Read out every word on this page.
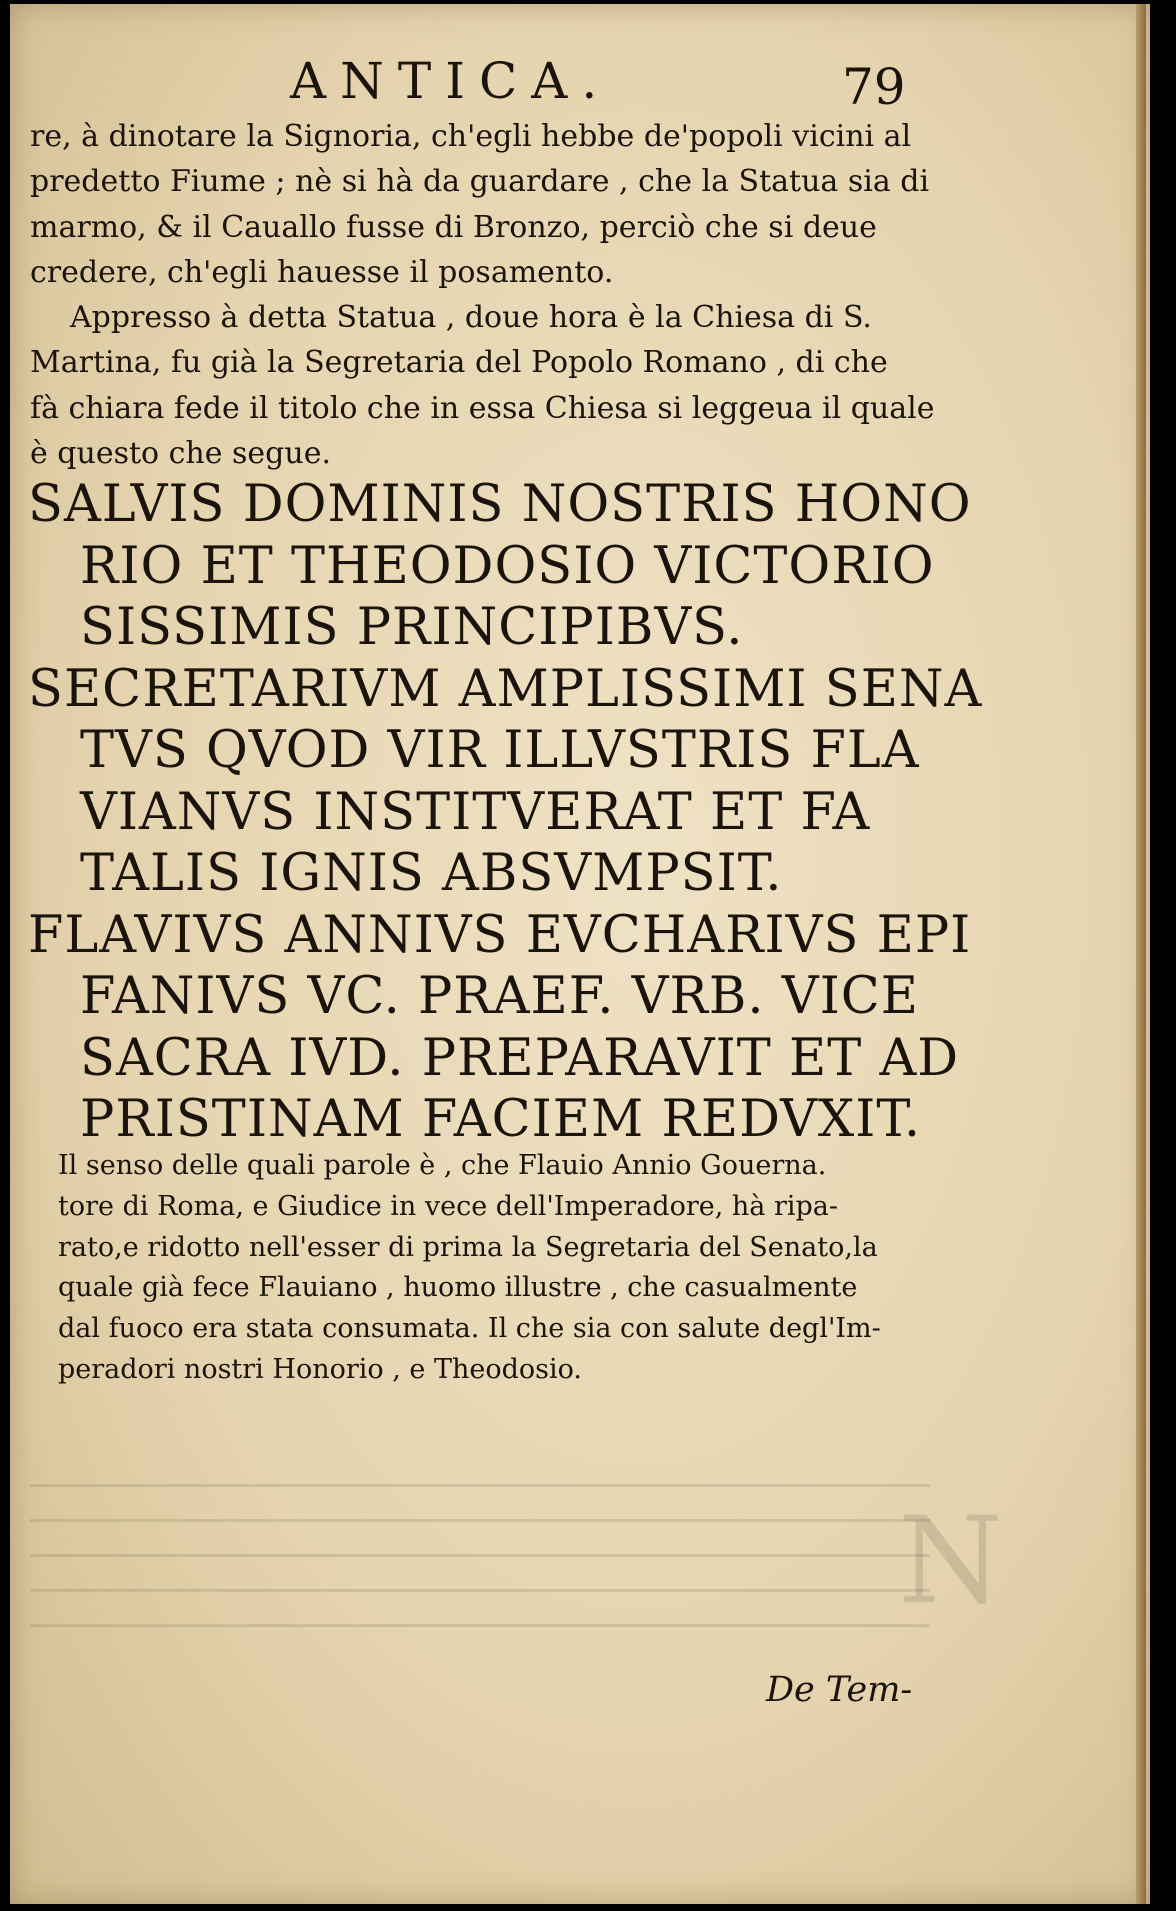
ANTICA.	79
re, à dinotare la Signoria, ch'egli hebbe de'popoli vicini al
predetto Fiume ; nè si hà da guardare , che la Statua sia di
marmo, & il Cauallo fusse di Bronzo, perciò che si deue
credere, ch'egli hauesse il posamento.
Appresso à detta Statua , doue hora è la Chiesa di S.
Martina, fu già la Segretaria del Popolo Romano , di che
fà chiara fede il titolo che in essa Chiesa si leggeua il quale
è questo che segue.
SALVIS DOMINIS NOSTRIS HONO
RIO ET THEODOSIO VICTORIO
SISSIMIS PRINCIPIBVS.
SECRETARIVM AMPLISSIMI SENA
TVS QVOD VIR ILLVSTRIS FLA
VIANVS INSTITVERAT ET FA
TALIS IGNIS ABSVMPSIT.
FLAVIVS ANNIVS EVCHARIVS EPI
FANIVS VC. PRAEF. VRB. VICE
SACRA IVD. PREPARAVIT ET AD
PRISTINAM FACIEM REDVXIT.
Il senso delle quali parole è , che Flauio Annio Gouerna.
tore di Roma, e Giudice in vece dell'Imperadore, hà ripa-
rato,e ridotto nell'esser di prima la Segretaria del Senato,la
quale già fece Flauiano , huomo illustre , che casualmente
dal fuoco era stata consumata. Il che sia con salute degl'Im-
peradori nostri Honorio , e Theodosio.
N
De Tem-
